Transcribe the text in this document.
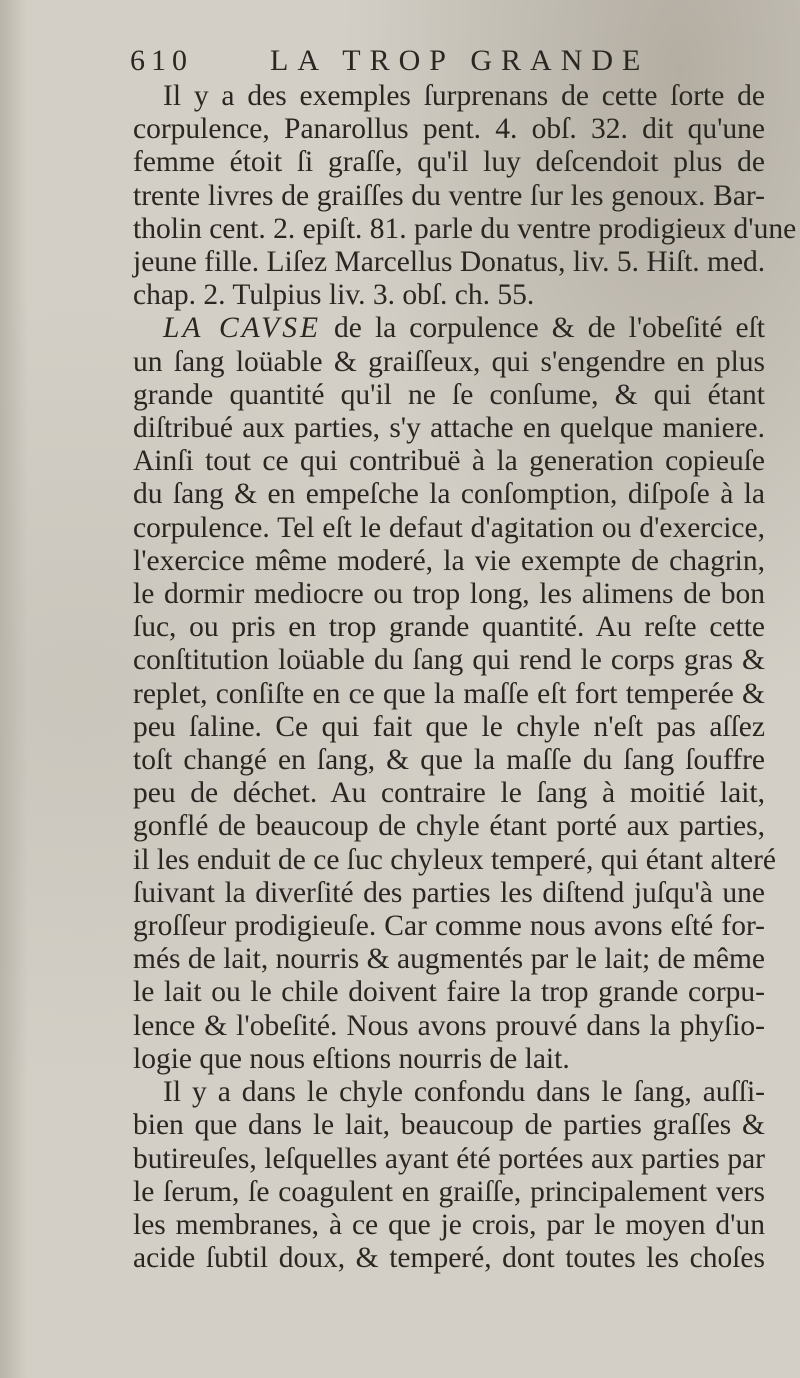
610	LA TROP GRANDE
Il y a des exemples ſurprenans de cette ſorte de
corpulence, Panarollus pent. 4. obſ. 32. dit qu'une
femme étoit ſi graſſe, qu'il luy deſcendoit plus de
trente livres de graiſſes du ventre ſur les genoux. Bar-
tholin cent. 2. epiſt. 81. parle du ventre prodigieux d'une
jeune fille. Liſez Marcellus Donatus, liv. 5. Hiſt. med.
chap. 2. Tulpius liv. 3. obſ. ch. 55.
LA CAVSE de la corpulence & de l'obeſité eſt
un ſang loüable & graiſſeux, qui s'engendre en plus
grande quantité qu'il ne ſe conſume, & qui étant
diſtribué aux parties, s'y attache en quelque maniere.
Ainſi tout ce qui contribuë à la generation copieuſe
du ſang & en empeſche la conſomption, diſpoſe à la
corpulence. Tel eſt le defaut d'agitation ou d'exercice,
l'exercice même moderé, la vie exempte de chagrin,
le dormir mediocre ou trop long, les alimens de bon
ſuc, ou pris en trop grande quantité. Au reſte cette
conſtitution loüable du ſang qui rend le corps gras &
replet, conſiſte en ce que la maſſe eſt fort temperée &
peu ſaline. Ce qui fait que le chyle n'eſt pas aſſez
toſt changé en ſang, & que la maſſe du ſang ſouffre
peu de déchet. Au contraire le ſang à moitié lait,
gonflé de beaucoup de chyle étant porté aux parties,
il les enduit de ce ſuc chyleux temperé, qui étant alteré
ſuivant la diverſité des parties les diſtend juſqu'à une
groſſeur prodigieuſe. Car comme nous avons eſté for-
més de lait, nourris & augmentés par le lait; de même
le lait ou le chile doivent faire la trop grande corpu-
lence & l'obeſité. Nous avons prouvé dans la phyſio-
logie que nous eſtions nourris de lait.
Il y a dans le chyle confondu dans le ſang, auſſi-
bien que dans le lait, beaucoup de parties graſſes &
butireuſes, leſquelles ayant été portées aux parties par
le ſerum, ſe coagulent en graiſſe, principalement vers
les membranes, à ce que je crois, par le moyen d'un
acide ſubtil doux, & temperé, dont toutes les choſes
